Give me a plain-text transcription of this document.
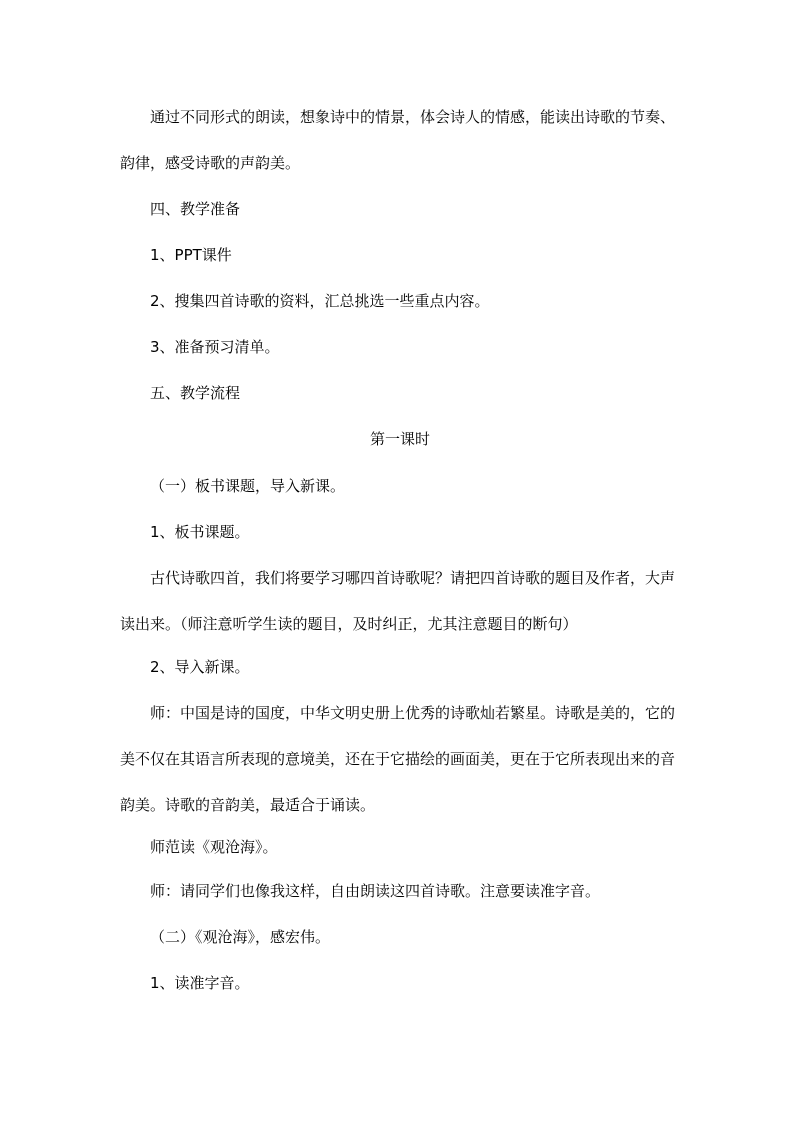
通过不同形式的朗读，想象诗中的情景，体会诗人的情感，能读出诗歌的节奏、韵律，感受诗歌的声韵美。

四、教学准备

1、PPT课件

2、搜集四首诗歌的资料，汇总挑选一些重点内容。

3、准备预习清单。

五、教学流程

第一课时

（一）板书课题，导入新课。

1、板书课题。

古代诗歌四首，我们将要学习哪四首诗歌呢？请把四首诗歌的题目及作者，大声读出来。（师注意听学生读的题目，及时纠正，尤其注意题目的断句）

2、导入新课。

师：中国是诗的国度，中华文明史册上优秀的诗歌灿若繁星。诗歌是美的，它的美不仅在其语言所表现的意境美，还在于它描绘的画面美，更在于它所表现出来的音韵美。诗歌的音韵美，最适合于诵读。

师范读《观沧海》。

师：请同学们也像我这样，自由朗读这四首诗歌。注意要读准字音。

（二）《观沧海》，感宏伟。

1、读准字音。
